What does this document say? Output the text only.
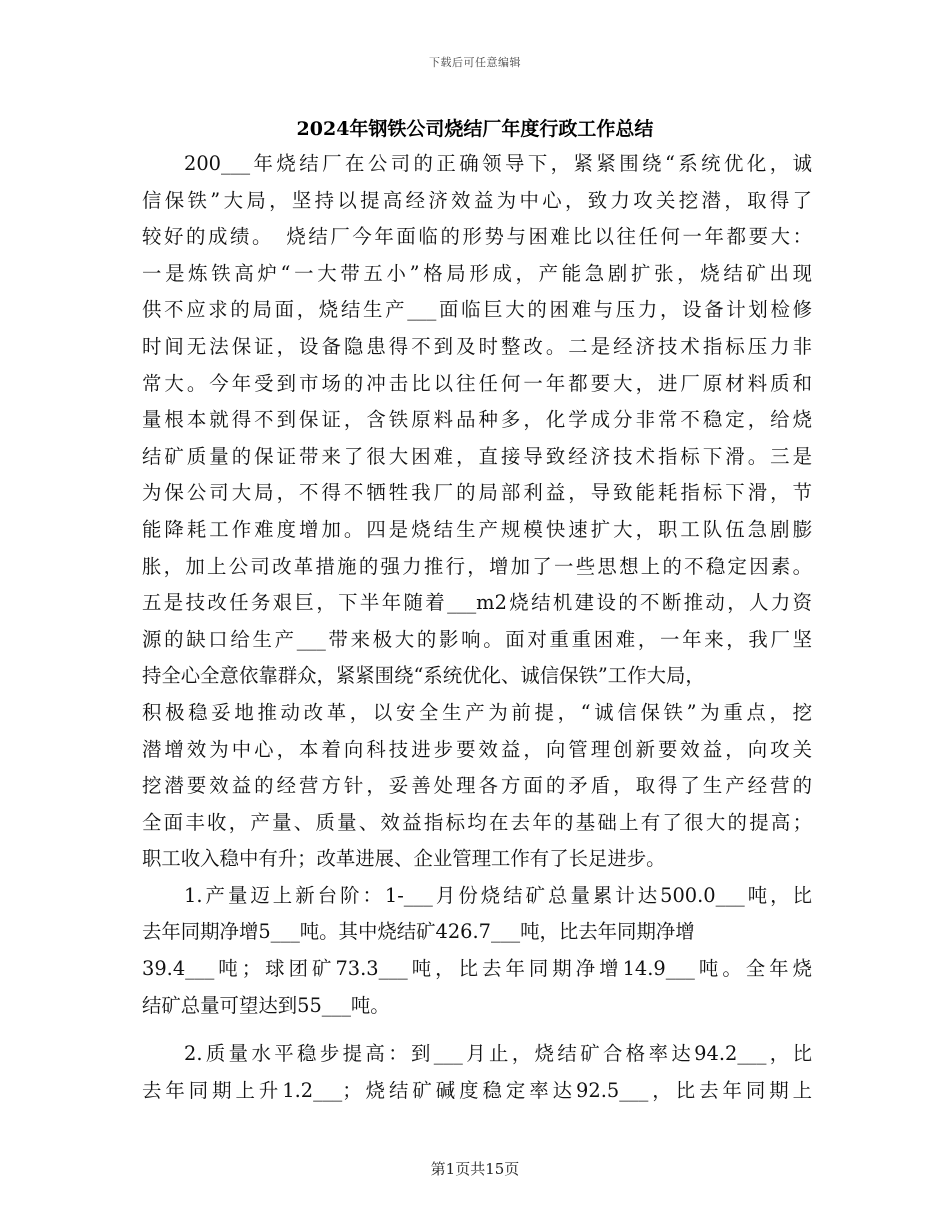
下载后可任意编辑
2024年钢铁公司烧结厂年度行政工作总结
200___年烧结厂在公司的正确领导下，紧紧围绕“系统优化，诚
信保铁”大局，坚持以提高经济效益为中心，致力攻关挖潜，取得了
较好的成绩。　烧结厂今年面临的形势与困难比以往任何一年都要大：
一是炼铁高炉“一大带五小”格局形成，产能急剧扩张，烧结矿出现
供不应求的局面，烧结生产___面临巨大的困难与压力，设备计划检修
时间无法保证，设备隐患得不到及时整改。二是经济技术指标压力非
常大。今年受到市场的冲击比以往任何一年都要大，进厂原材料质和
量根本就得不到保证，含铁原料品种多，化学成分非常不稳定，给烧
结矿质量的保证带来了很大困难，直接导致经济技术指标下滑。三是
为保公司大局，不得不牺牲我厂的局部利益，导致能耗指标下滑，节
能降耗工作难度增加。四是烧结生产规模快速扩大，职工队伍急剧膨
胀，加上公司改革措施的强力推行，增加了一些思想上的不稳定因素。
五是技改任务艰巨，下半年随着___m2烧结机建设的不断推动，人力资
源的缺口给生产___带来极大的影响。面对重重困难，一年来，我厂坚
持全心全意依靠群众，紧紧围绕“系统优化、诚信保铁”工作大局，
积极稳妥地推动改革，以安全生产为前提，“诚信保铁”为重点，挖
潜增效为中心，本着向科技进步要效益，向管理创新要效益，向攻关
挖潜要效益的经营方针，妥善处理各方面的矛盾，取得了生产经营的
全面丰收，产量、质量、效益指标均在去年的基础上有了很大的提高；
职工收入稳中有升；改革进展、企业管理工作有了长足进步。
1.产量迈上新台阶：1-___月份烧结矿总量累计达500.0___吨，比
去年同期净增5___吨。其中烧结矿426.7___吨，比去年同期净增
39.4___吨；球团矿73.3___吨，比去年同期净增14.9___吨。全年烧
结矿总量可望达到55___吨。
2.质量水平稳步提高：到___月止，烧结矿合格率达94.2___，比
去年同期上升1.2___；烧结矿碱度稳定率达92.5___，比去年同期上
第1页共15页
